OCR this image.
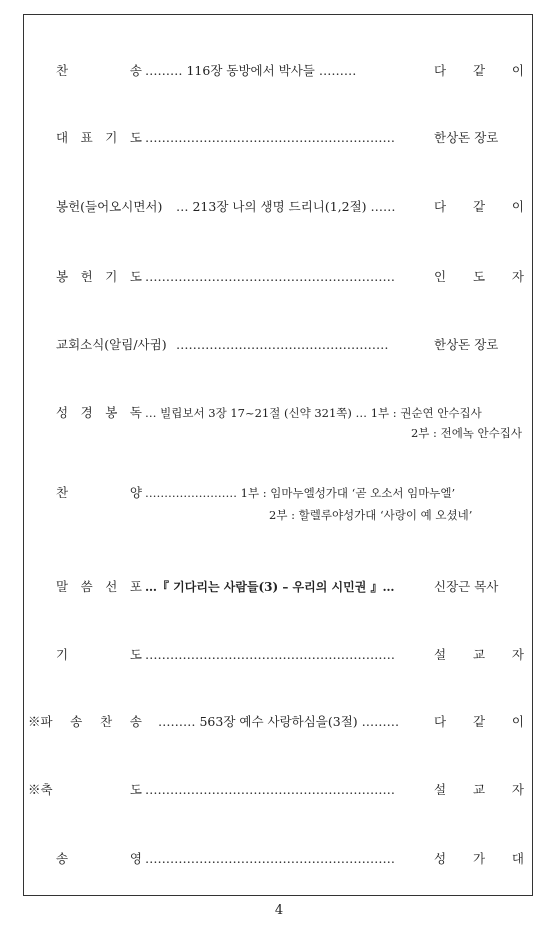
찬	송 ……… 116장 동방에서 박사들 ………	다 같 이
대 표 기 도 ……………………………………………………	한상돈 장로
봉헌(들어오시면서) … 213장 나의 생명 드리니(1,2절) ……	다 같 이
봉 헌 기 도 ……………………………………………………	인 도 자
교회소식(알림/사귐) ……………………………………………	한상돈 장로
성 경 봉 독 … 빌립보서 3장 17~21절 (신약 321쪽) … 1부 : 권순연 안수집사
2부 : 전에녹 안수집사
찬	양 …………………… 1부 : 임마누엘성가대 ‘곧 오소서 임마누엘’
2부 : 할렐루야성가대 ‘사랑이 예 오셨네’
말 씀 선 포 …『 기다리는 사람들(3) – 우리의 시민권 』…	신장근 목사
기	도 ……………………………………………………	설 교 자
※파 송 찬 송 ……… 563장 예수 사랑하심을(3절) ………	다 같 이
※축	도 ……………………………………………………	설 교 자
송	영 ……………………………………………………	성 가 대
4
